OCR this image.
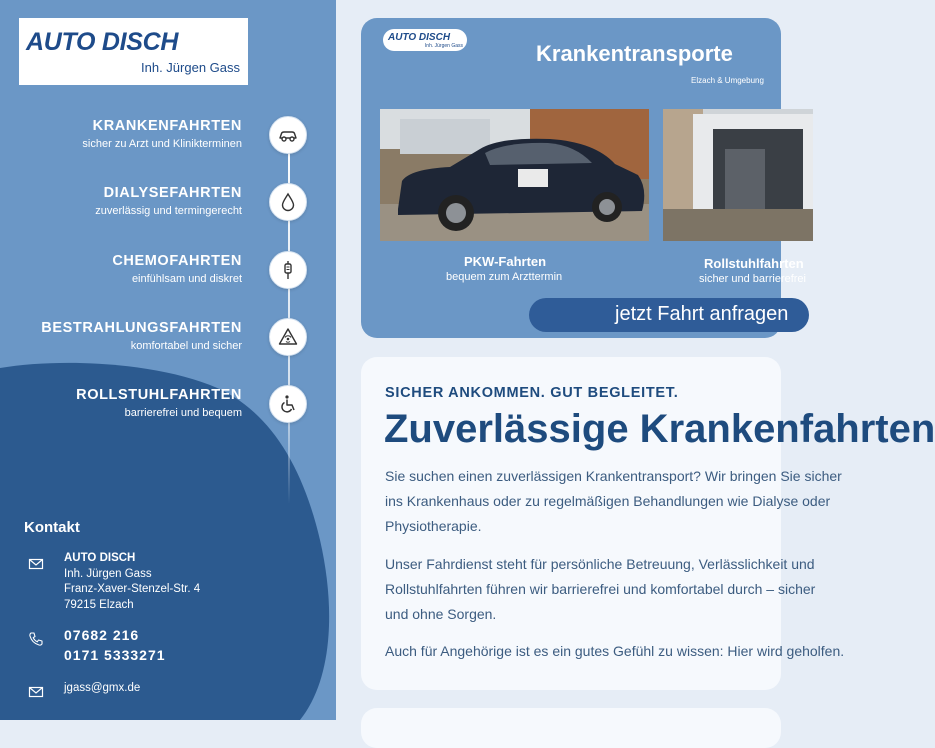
AUTO DISCH
Inh. Jürgen Gass
KRANKENFAHRTEN
sicher zu Arzt und Klinikterminen
DIALYSEFAHRTEN
zuverlässig und termingerecht
CHEMOFAHRTEN
einfühlsam und diskret
BESTRAHLUNGSFAHRTEN
komfortabel und sicher
ROLLSTUHLFAHRTEN
barrierefrei und bequem
Kontakt
AUTO DISCH
Inh. Jürgen Gass
Franz-Xaver-Stenzel-Str. 4
79215 Elzach
07682 216
0171 5333271
jgass@gmx.de
AUTO DISCH
Inh. Jürgen Gass	Krankentransporte
Elzach & Umgebung
PKW-Fahrten
bequem zum Arzttermin
Rollstuhlfahrten
sicher und barrierefrei
jetzt Fahrt anfragen
SICHER ANKOMMEN. GUT BEGLEITET.
Zuverlässige Krankenfahrten
Sie suchen einen zuverlässigen Krankentransport? Wir bringen Sie sicher
ins Krankenhaus oder zu regelmäßigen Behandlungen wie Dialyse oder
Physiotherapie.
Unser Fahrdienst steht für persönliche Betreuung, Verlässlichkeit und
Rollstuhlfahrten führen wir barrierefrei und komfortabel durch – sicher
und ohne Sorgen.
Auch für Angehörige ist es ein gutes Gefühl zu wissen: Hier wird geholfen.
